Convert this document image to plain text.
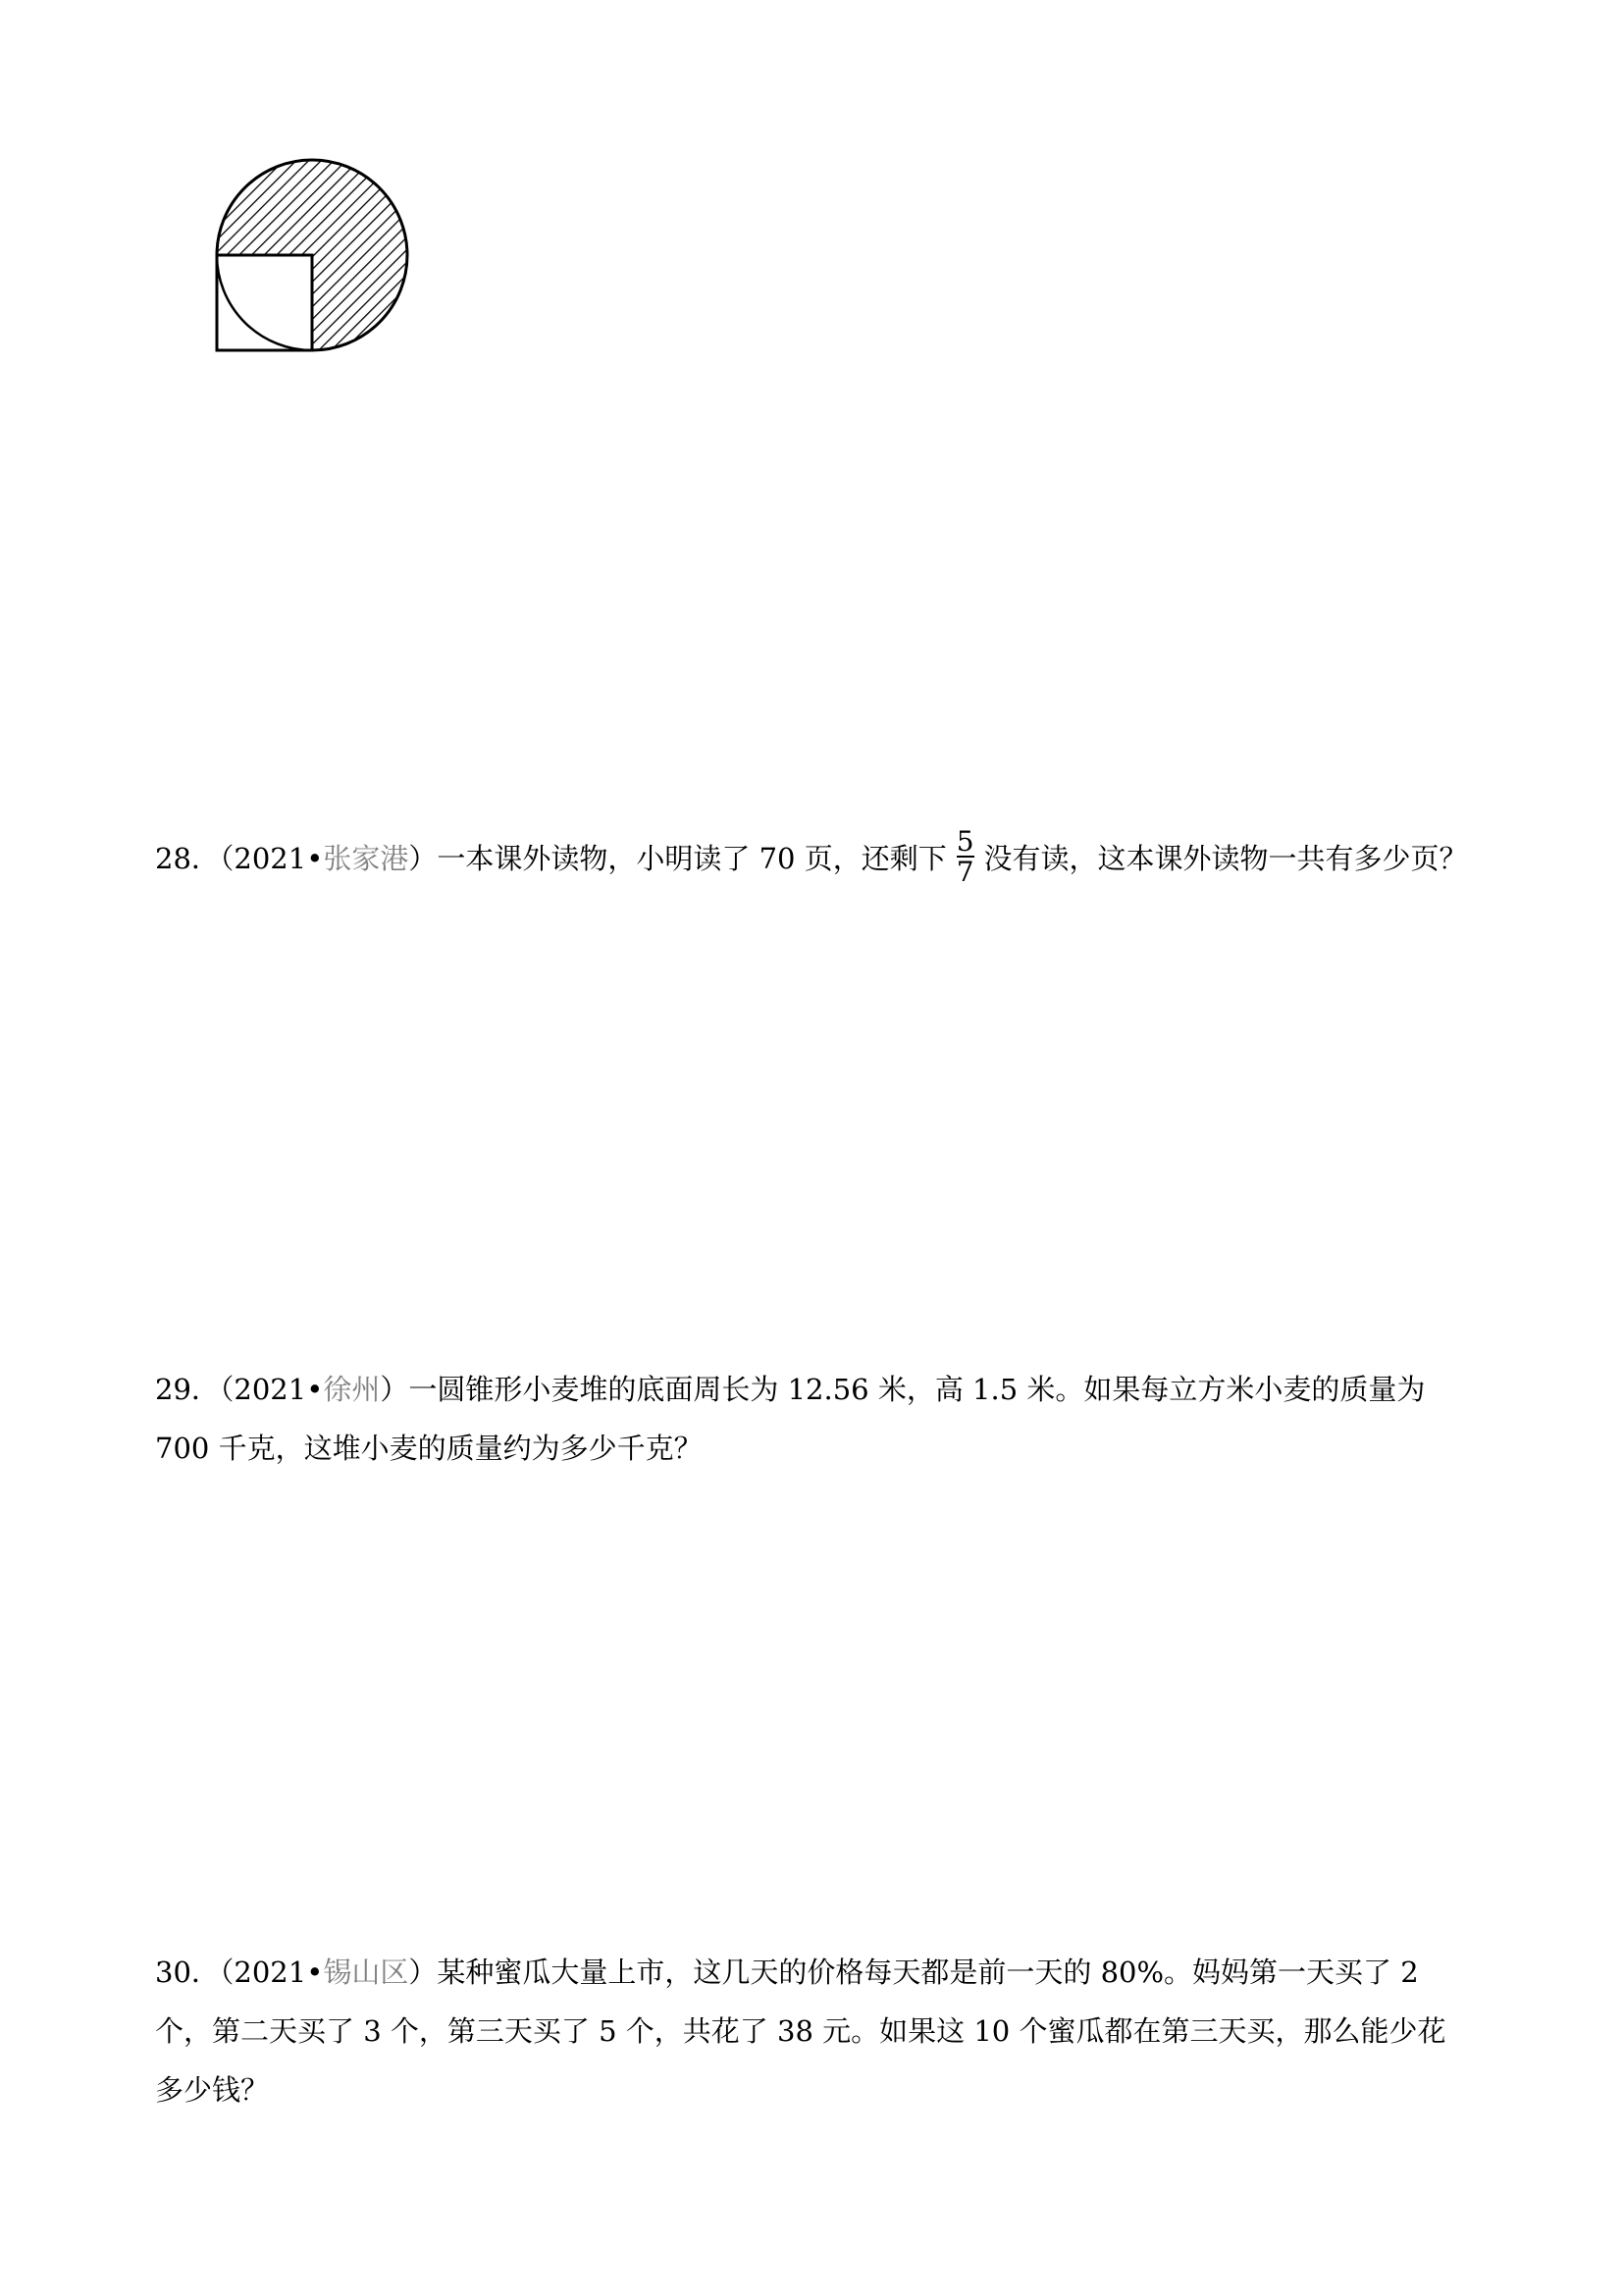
28．（2021•张家港）一本课外读物，小明读了 70 页，还剩下 $\frac{5}{7}$ 没有读，这本课外读物一共有多少页？
29．（2021•徐州）一圆锥形小麦堆的底面周长为 12.56 米，高 1.5 米。如果每立方米小麦的质量为 700 千克，这堆小麦的质量约为多少千克？
30．（2021•锡山区）某种蜜瓜大量上市，这几天的价格每天都是前一天的 80%。妈妈第一天买了 2 个，第二天买了 3 个，第三天买了 5 个，共花了 38 元。如果这 10 个蜜瓜都在第三天买，那么能少花多少钱？
